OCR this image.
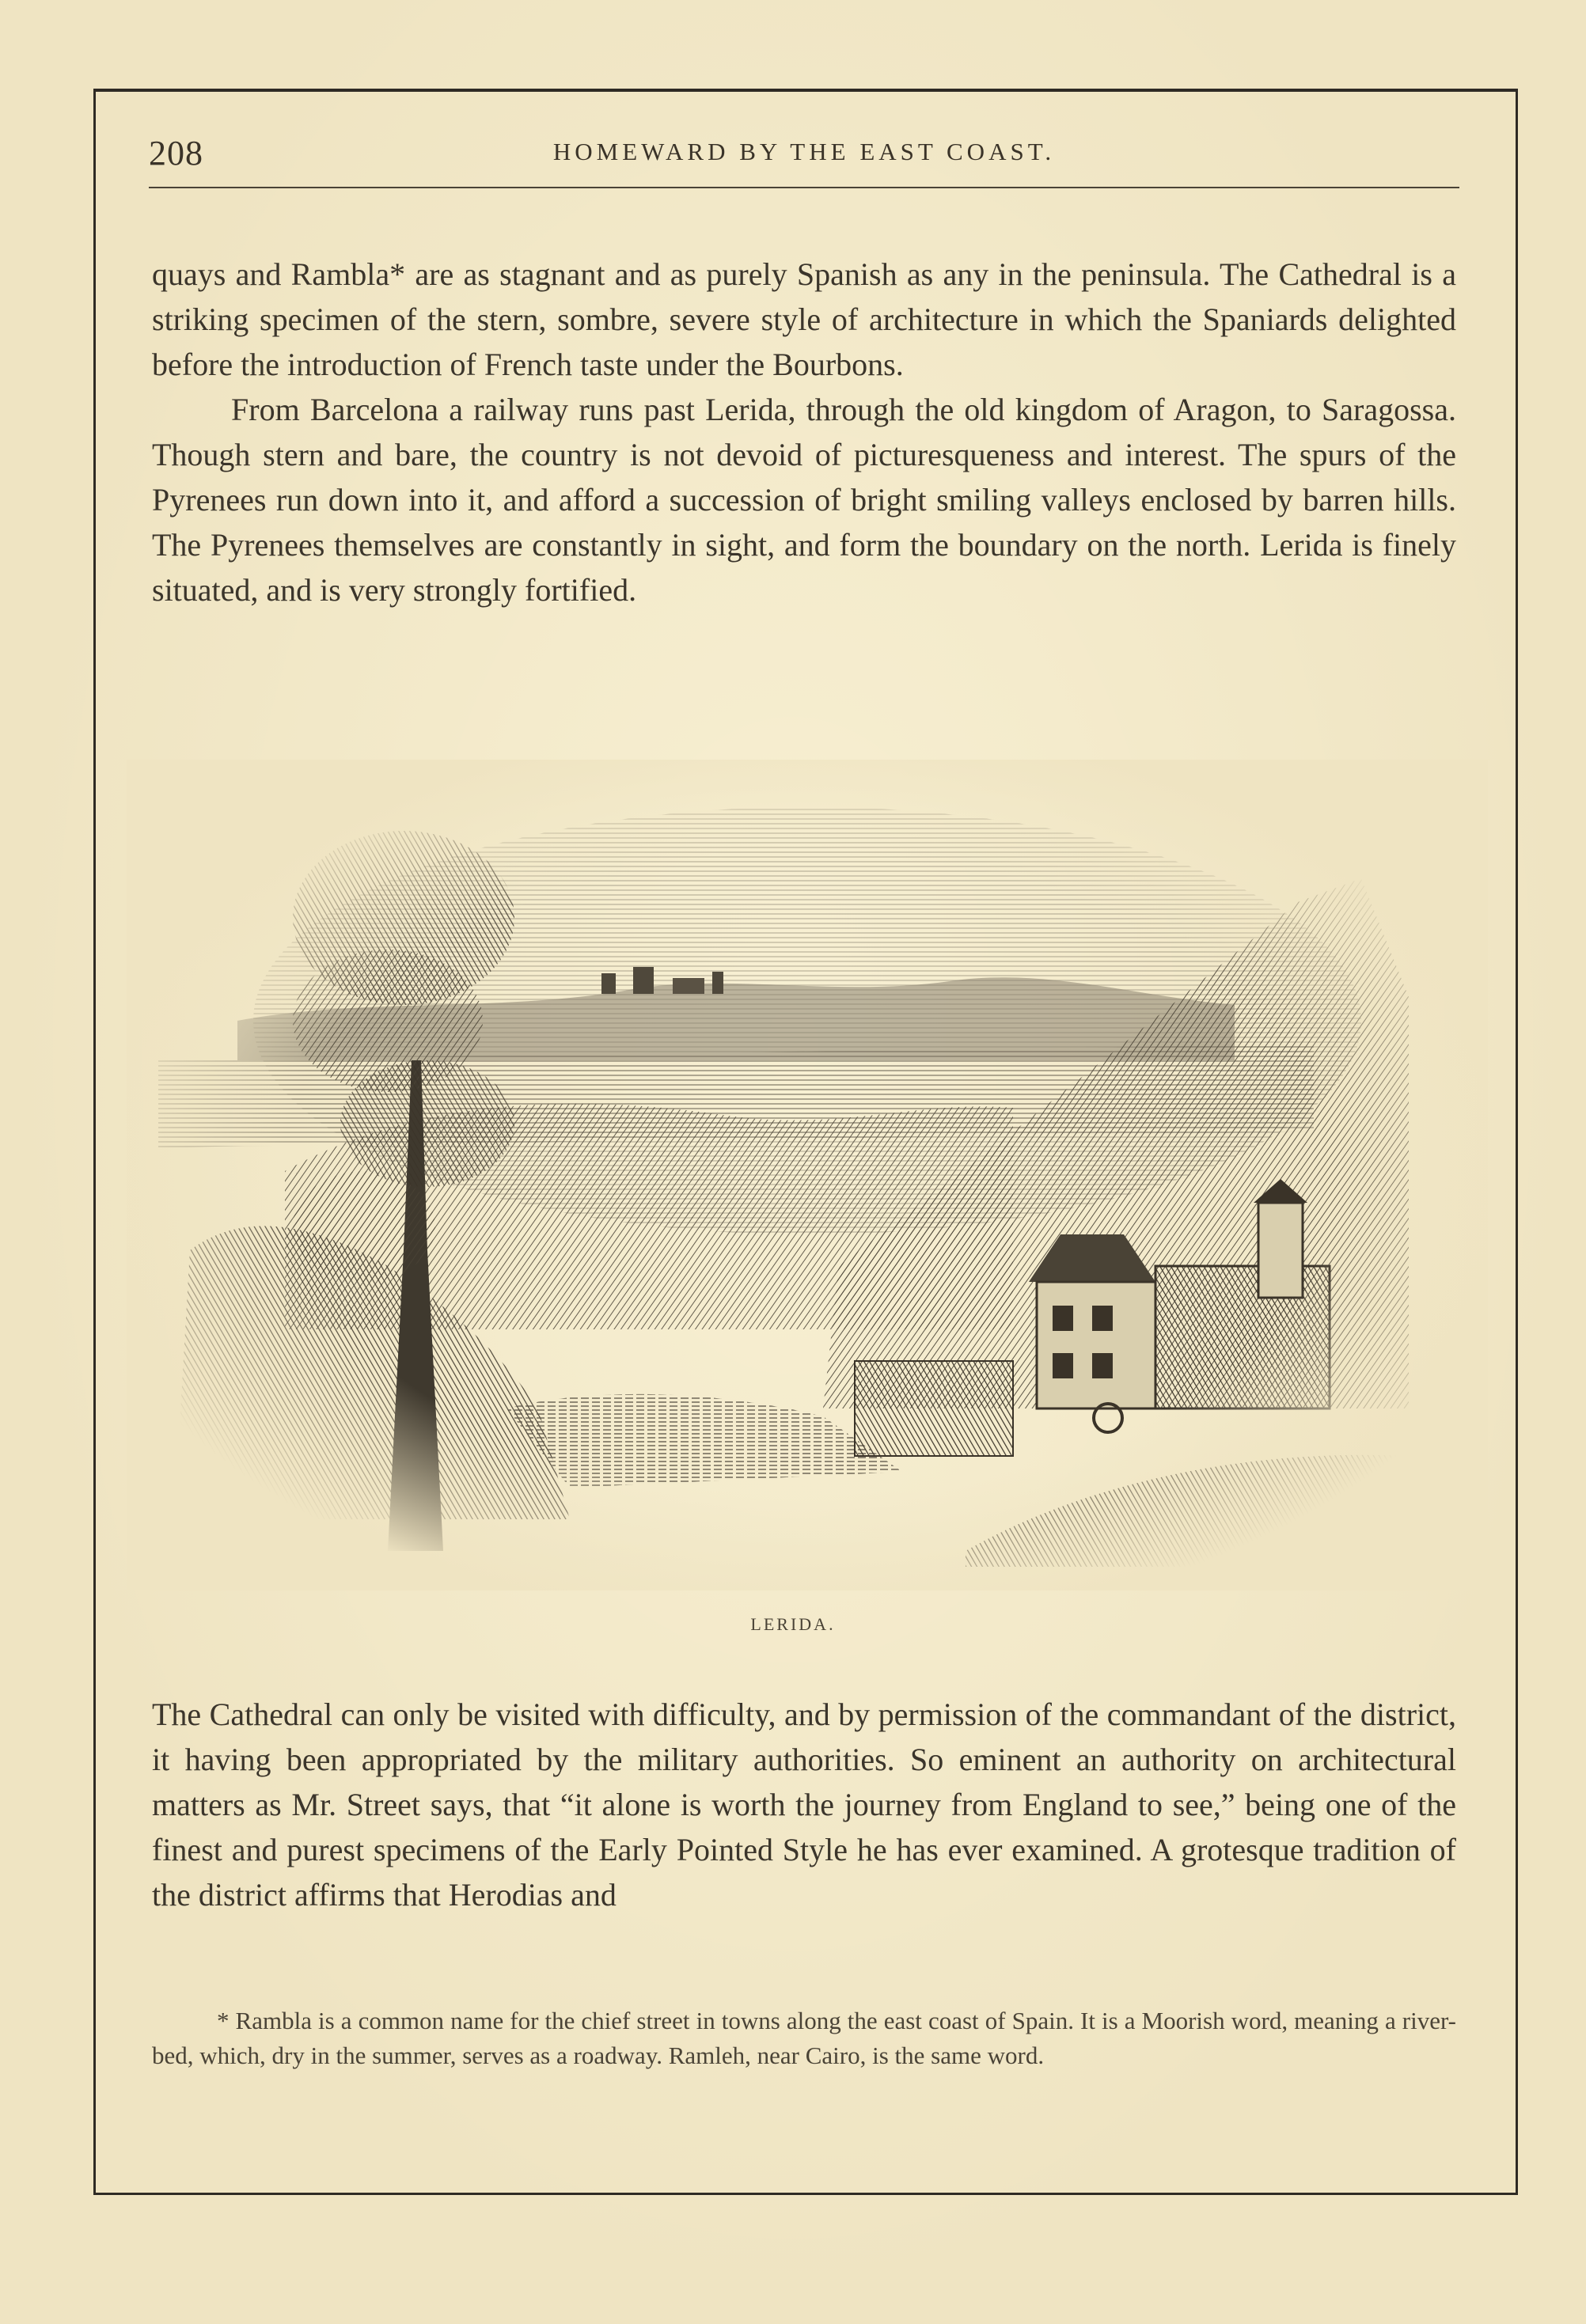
208	HOMEWARD BY THE EAST COAST.

quays and Rambla* are as stagnant and as purely Spanish as any in the peninsula. The Cathedral is a striking specimen of the stern, sombre, severe style of architecture in which the Spaniards delighted before the introduction of French taste under the Bourbons.

From Barcelona a railway runs past Lerida, through the old kingdom of Aragon, to Saragossa. Though stern and bare, the country is not devoid of picturesqueness and interest. The spurs of the Pyrenees run down into it, and afford a succession of bright smiling valleys enclosed by barren hills. The Pyrenees themselves are constantly in sight, and form the boundary on the north. Lerida is finely situated, and is very strongly fortified.

LERIDA.

The Cathedral can only be visited with difficulty, and by permission of the commandant of the district, it having been appropriated by the military authorities. So eminent an authority on architectural matters as Mr. Street says, that “it alone is worth the journey from England to see,” being one of the finest and purest specimens of the Early Pointed Style he has ever examined. A grotesque tradition of the district affirms that Herodias and

* Rambla is a common name for the chief street in towns along the east coast of Spain. It is a Moorish word, meaning a river-bed, which, dry in the summer, serves as a roadway. Ramleh, near Cairo, is the same word.
